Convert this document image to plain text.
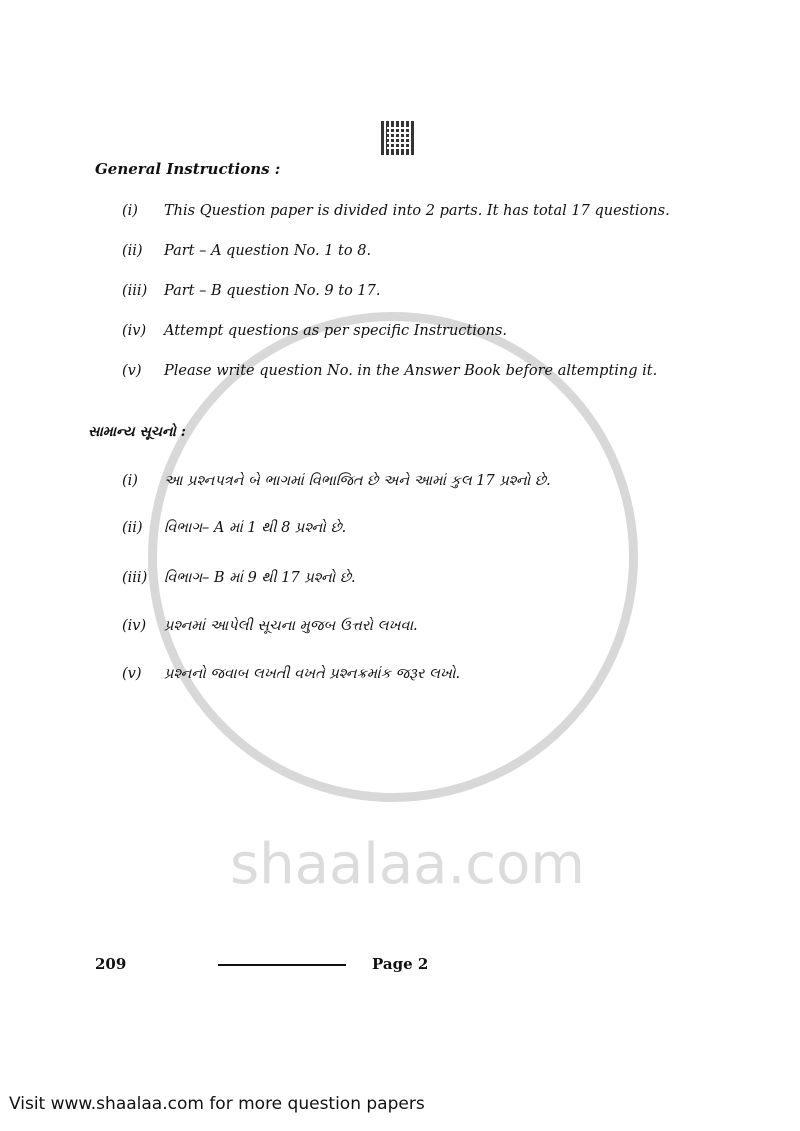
shaalaa.com
General Instructions :
(i) This Question paper is divided into 2 parts. It has total 17 questions.
(ii) Part – A question No. 1 to 8.
(iii) Part – B question No. 9 to 17.
(iv) Attempt questions as per specific Instructions.
(v) Please write question No. in the Answer Book before altempting it.
સામાન્ય સૂચનો :
(i) આ પ્રશ્નપત્રને બે ભાગમાં વિભાજિત છે અને આમાં કુલ 17 પ્રશ્નો છે.
(ii) વિભાગ– A માં 1 થી 8 પ્રશ્નો છે.
(iii) વિભાગ– B માં 9 થી 17 પ્રશ્નો છે.
(iv) પ્રશ્નમાં આપેલી સૂચના મુજબ ઉત્તરો લખવા.
(v) પ્રશ્નનો જવાબ લખતી વખતે પ્રશ્નક્રમાંક જરૂર લખો.
209	Page 2
Visit www.shaalaa.com for more question papers
